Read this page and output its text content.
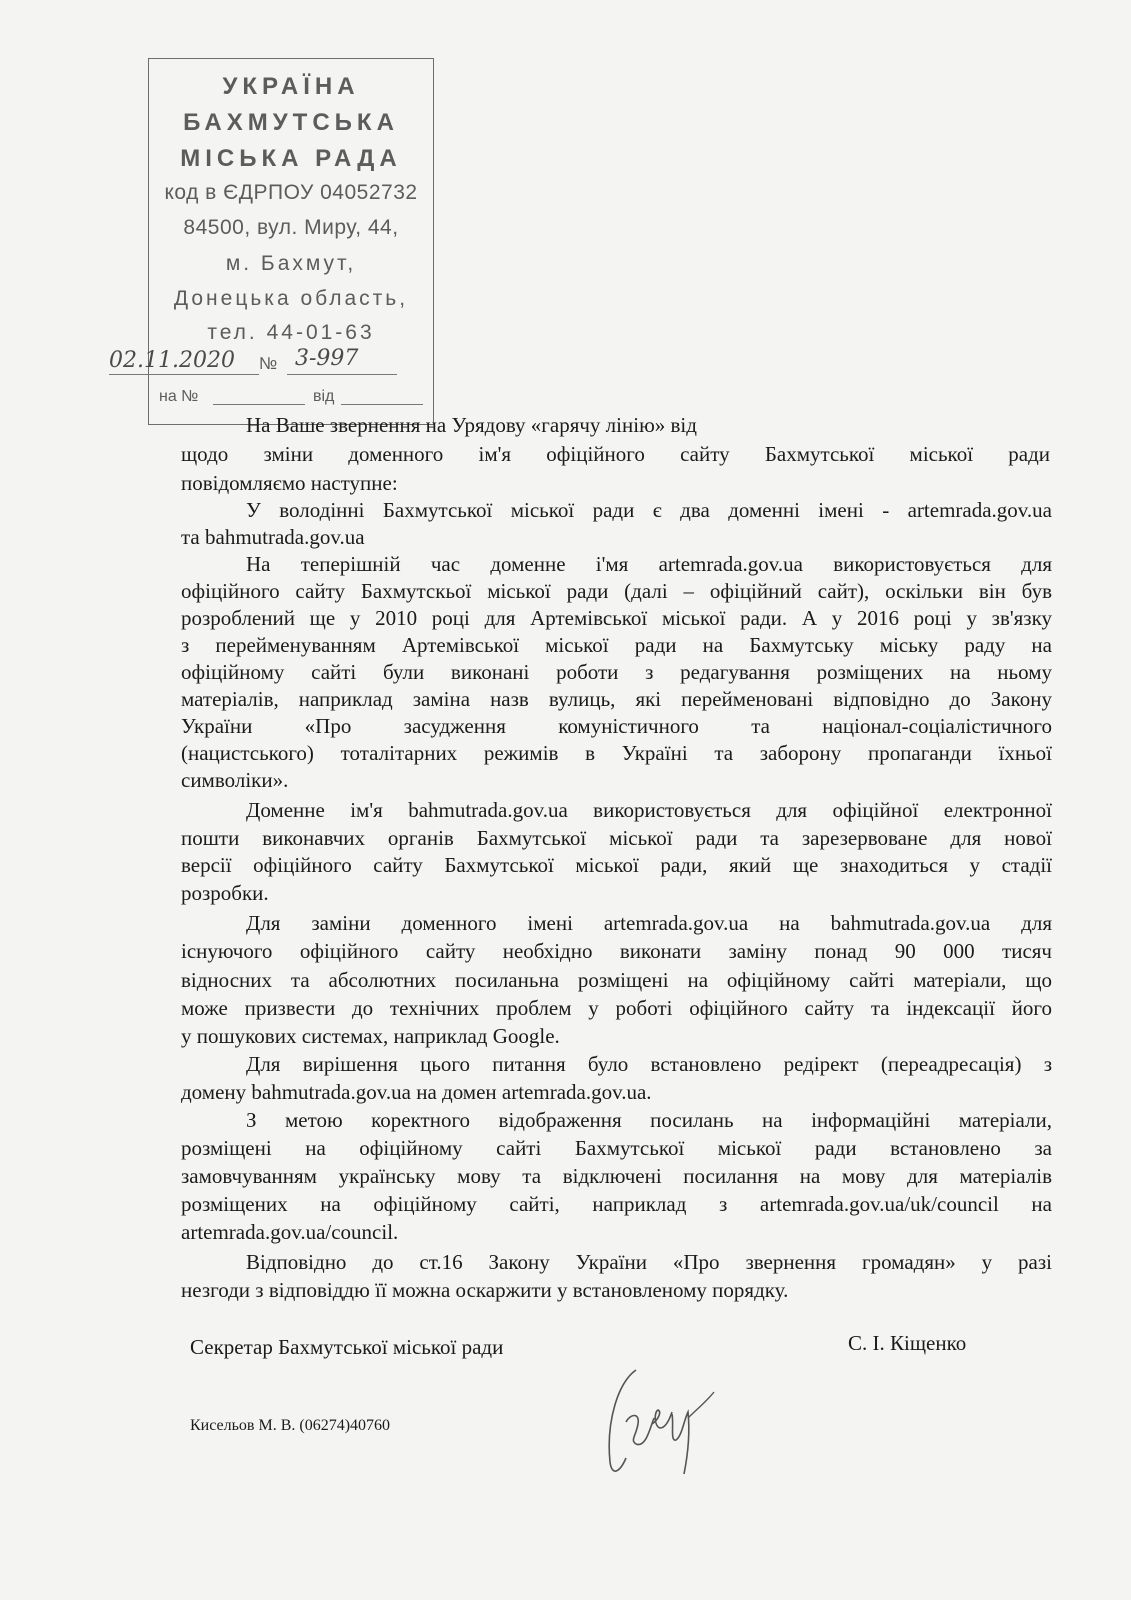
УКРАЇНА
БАХМУТСЬКА
МІСЬКА РАДА
код в ЄДРПОУ 04052732
84500, вул. Миру, 44,
м. Бахмут,
Донецька область,
тел. 44-01-63
02.11.2020 № 3-997
на №	від
На Ваше звернення на Урядову «гарячу лінію» від
щодо зміни доменного ім'я офіційного сайту Бахмутської міської ради
повідомляємо наступне:
У володінні Бахмутської міської ради є два доменні імені - artemrada.gov.ua
та bahmutrada.gov.ua
На теперішній час доменне і'мя artemrada.gov.ua використовується для
офіційного сайту Бахмутскьої міської ради (далі – офіційний сайт), оскільки він був
розроблений ще у 2010 році для Артемівської міської ради. А у 2016 році у зв'язку
з перейменуванням Артемівської міської ради на Бахмутську міську раду на
офіційному сайті були виконані роботи з редагування розміщених на ньому
матеріалів, наприклад заміна назв вулиць, які перейменовані відповідно до Закону
України «Про засудження комуністичного та націонал-соціалістичного
(нацистського) тоталітарних режимів в Україні та заборону пропаганди їхньої
символіки».
Доменне ім'я bahmutrada.gov.ua використовується для офіційної електронної
пошти виконавчих органів Бахмутської міської ради та зарезервоване для нової
версії офіційного сайту Бахмутської міської ради, який ще знаходиться у стадії
розробки.
Для заміни доменного імені artemrada.gov.ua на bahmutrada.gov.ua для
існуючого офіційного сайту необхідно виконати заміну понад 90 000 тисяч
відносних та абсолютних посиланьна розміщені на офіційному сайті матеріали, що
може призвести до технічних проблем у роботі офіційного сайту та індексації його
у пошукових системах, наприклад Google.
Для вирішення цього питання було встановлено редірект (переадресація) з
домену bahmutrada.gov.ua на домен artemrada.gov.ua.
З метою коректного відображення посилань на інформаційні матеріали,
розміщені на офіційному сайті Бахмутської міської ради встановлено за
замовчуванням українську мову та відключені посилання на мову для матеріалів
розміщених на офіційному сайті, наприклад з artemrada.gov.ua/uk/council на
artemrada.gov.ua/council.
Відповідно до ст.16 Закону України «Про звернення громадян» у разі
незгоди з відповіддю її можна оскаржити у встановленому порядку.
Секретар Бахмутської міської ради	С. І. Кіщенко
Кисельов М. В. (06274)40760
